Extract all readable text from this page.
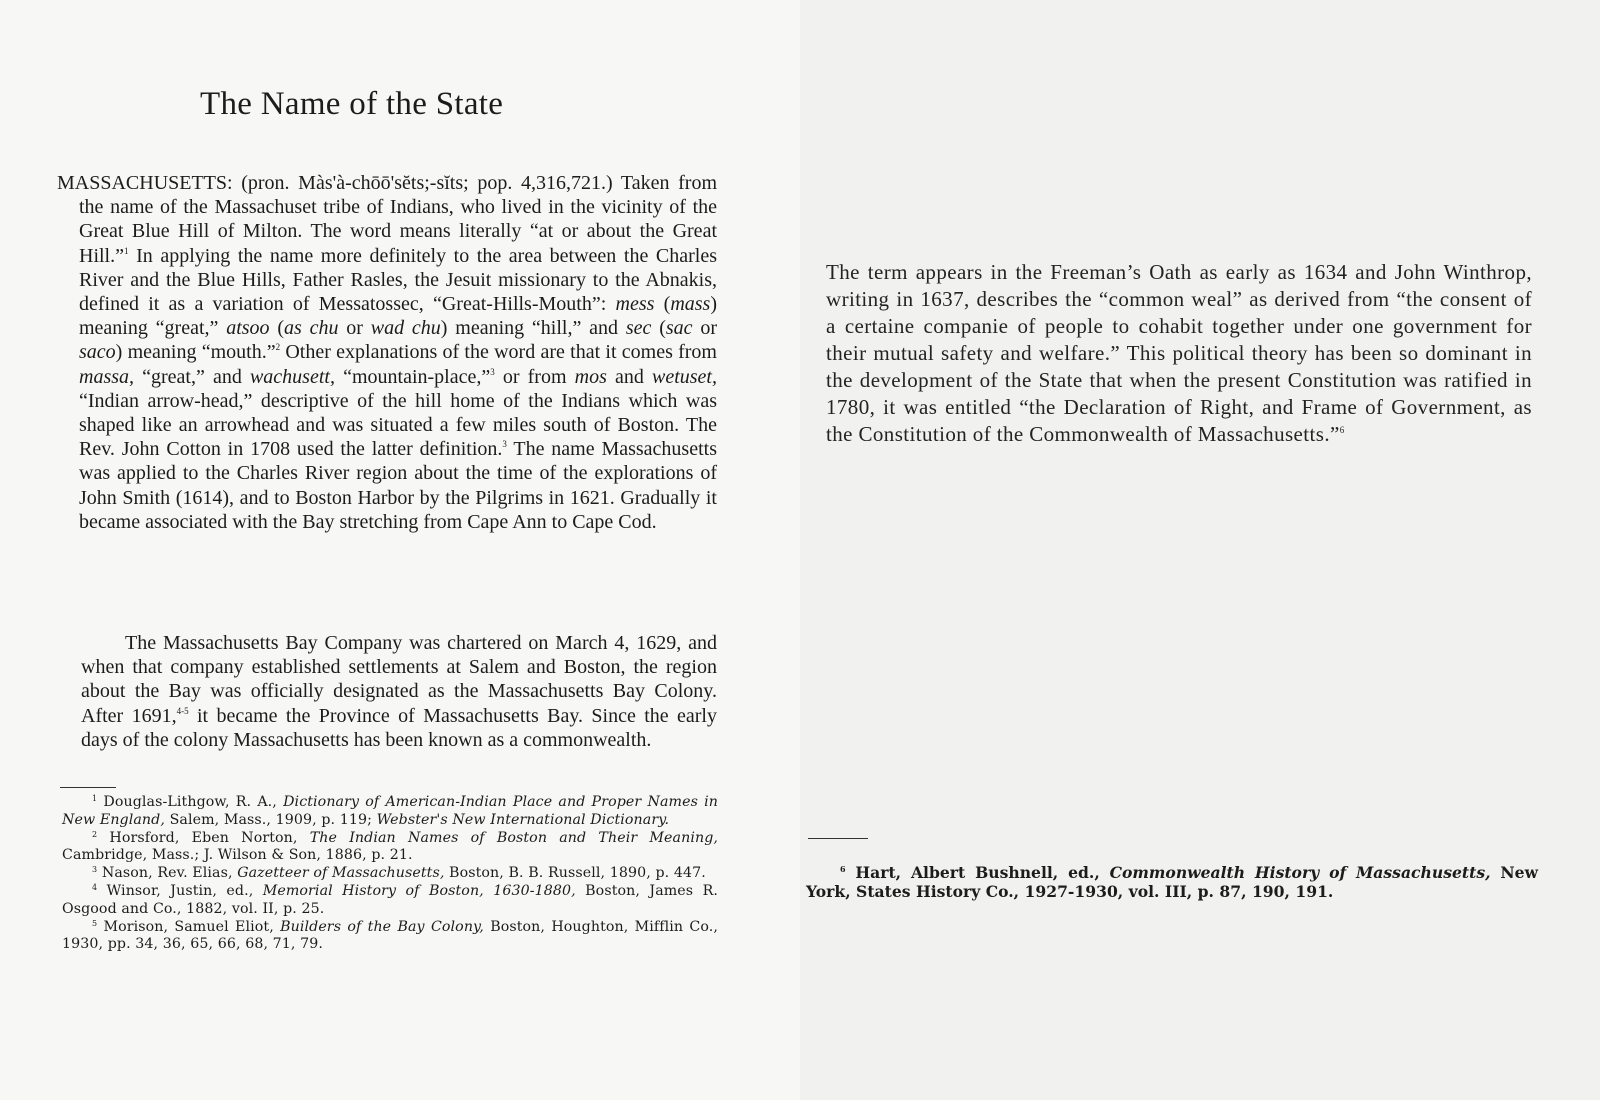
The Name of the State
MASSACHUSETTS: (pron. Màs'à-chōō'sĕts;-sĭts; pop. 4,316,721.) Taken from the name of the Massachuset tribe of Indians, who lived in the vicinity of the Great Blue Hill of Milton. The word means literally “at or about the Great Hill.”$^1$ In applying the name more definitely to the area between the Charles River and the Blue Hills, Father Rasles, the Jesuit missionary to the Abnakis, defined it as a variation of Messatossec, “Great-Hills-Mouth”: mess (mass) meaning “great,” atsoo (as chu or wad chu) meaning “hill,” and sec (sac or saco) meaning “mouth.”$^2$ Other explanations of the word are that it comes from massa, “great,” and wachusett, “mountain-place,”$^3$ or from mos and wetuset, “Indian arrow-head,” descriptive of the hill home of the Indians which was shaped like an arrowhead and was situated a few miles south of Boston. The Rev. John Cotton in 1708 used the latter definition.$^3$ The name Massachusetts was applied to the Charles River region about the time of the explorations of John Smith (1614), and to Boston Harbor by the Pilgrims in 1621. Gradually it became associated with the Bay stretching from Cape Ann to Cape Cod.
The Massachusetts Bay Company was chartered on March 4, 1629, and when that company established settlements at Salem and Boston, the region about the Bay was officially designated as the Massachusetts Bay Colony. After 1691,$^{4-5}$ it became the Province of Massachusetts Bay. Since the early days of the colony Massachusetts has been known as a commonwealth.

$^1$ Douglas-Lithgow, R. A., Dictionary of American-Indian Place and Proper Names in New England, Salem, Mass., 1909, p. 119; Webster's New International Dictionary.

$^2$ Horsford, Eben Norton, The Indian Names of Boston and Their Meaning, Cambridge, Mass.; J. Wilson & Son, 1886, p. 21.

$^3$ Nason, Rev. Elias, Gazetteer of Massachusetts, Boston, B. B. Russell, 1890, p. 447.

$^4$ Winsor, Justin, ed., Memorial History of Boston, 1630-1880, Boston, James R. Osgood and Co., 1882, vol. II, p. 25.

$^5$ Morison, Samuel Eliot, Builders of the Bay Colony, Boston, Houghton, Mifflin Co., 1930, pp. 34, 36, 65, 66, 68, 71, 79.

The term appears in the Freeman’s Oath as early as 1634 and John Winthrop, writing in 1637, describes the “common weal” as derived from “the consent of a certaine companie of people to cohabit together under one government for their mutual safety and welfare.” This political theory has been so dominant in the development of the State that when the present Constitution was ratified in 1780, it was entitled “the Declaration of Right, and Frame of Government, as the Constitution of the Commonwealth of Massachusetts.”$^6$

$^6$ Hart, Albert Bushnell, ed., Commonwealth History of Massachusetts, New York, States History Co., 1927-1930, vol. III, p. 87, 190, 191.
